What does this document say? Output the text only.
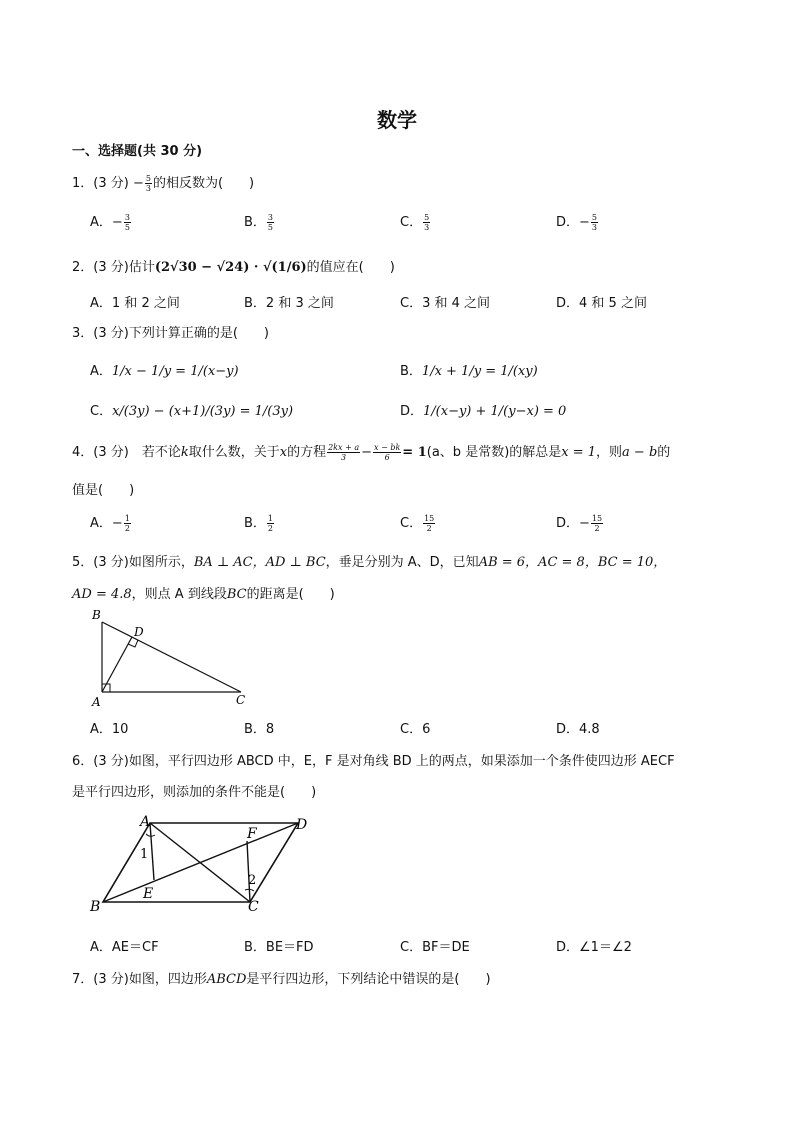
数学
一、选择题(共 30 分)
1．(3 分) − $\frac{5}{3}$ 的相反数为(　　)
A．− $\frac{3}{5}$	B． $\frac{3}{5}$	C． $\frac{5}{3}$	D．− $\frac{5}{3}$
2．(3 分)估计(2√30 − √24) · √(1/6)的值应在(　　)
A．1 和 2 之间	B．2 和 3 之间	C．3 和 4 之间	D．4 和 5 之间
3．(3 分)下列计算正确的是(　　)
A．1/x − 1/y = 1/(x−y)	B．1/x + 1/y = 1/(xy)
C．x/(3y) − (x+1)/(3y) = 1/(3y)	D．1/(x−y) + 1/(y−x) = 0
4．(3 分)　若不论k取什么数，关于x的方程 $\frac{2kx + a}{3} - \frac{x - bk}{6} = 1(a$、b 是常数)的解总是x = 1，则a − b的
值是(　　)
A．− $\frac{1}{2}$	B． $\frac{1}{2}$	C． $\frac{15}{2}$	D．− $\frac{15}{2}$
5．(3 分)如图所示，BA ⊥ AC，AD ⊥ BC，垂足分别为 A、D，已知AB = 6，AC = 8，BC = 10，
AD = 4.8，则点 A 到线段BC的距离是(　　)
B
D
A	C
A．10	B．8	C．6	D．4.8
6．(3 分)如图，平行四边形 ABCD 中，E，F 是对角线 BD 上的两点，如果添加一个条件使四边形 AECF
是平行四边形，则添加的条件不能是(　　)
A
F
D
1
2
E
B	C
A．AE＝CF	B．BE＝FD	C．BF＝DE	D．∠1＝∠2
7．(3 分)如图，四边形ABCD是平行四边形，下列结论中错误的是(　　)
